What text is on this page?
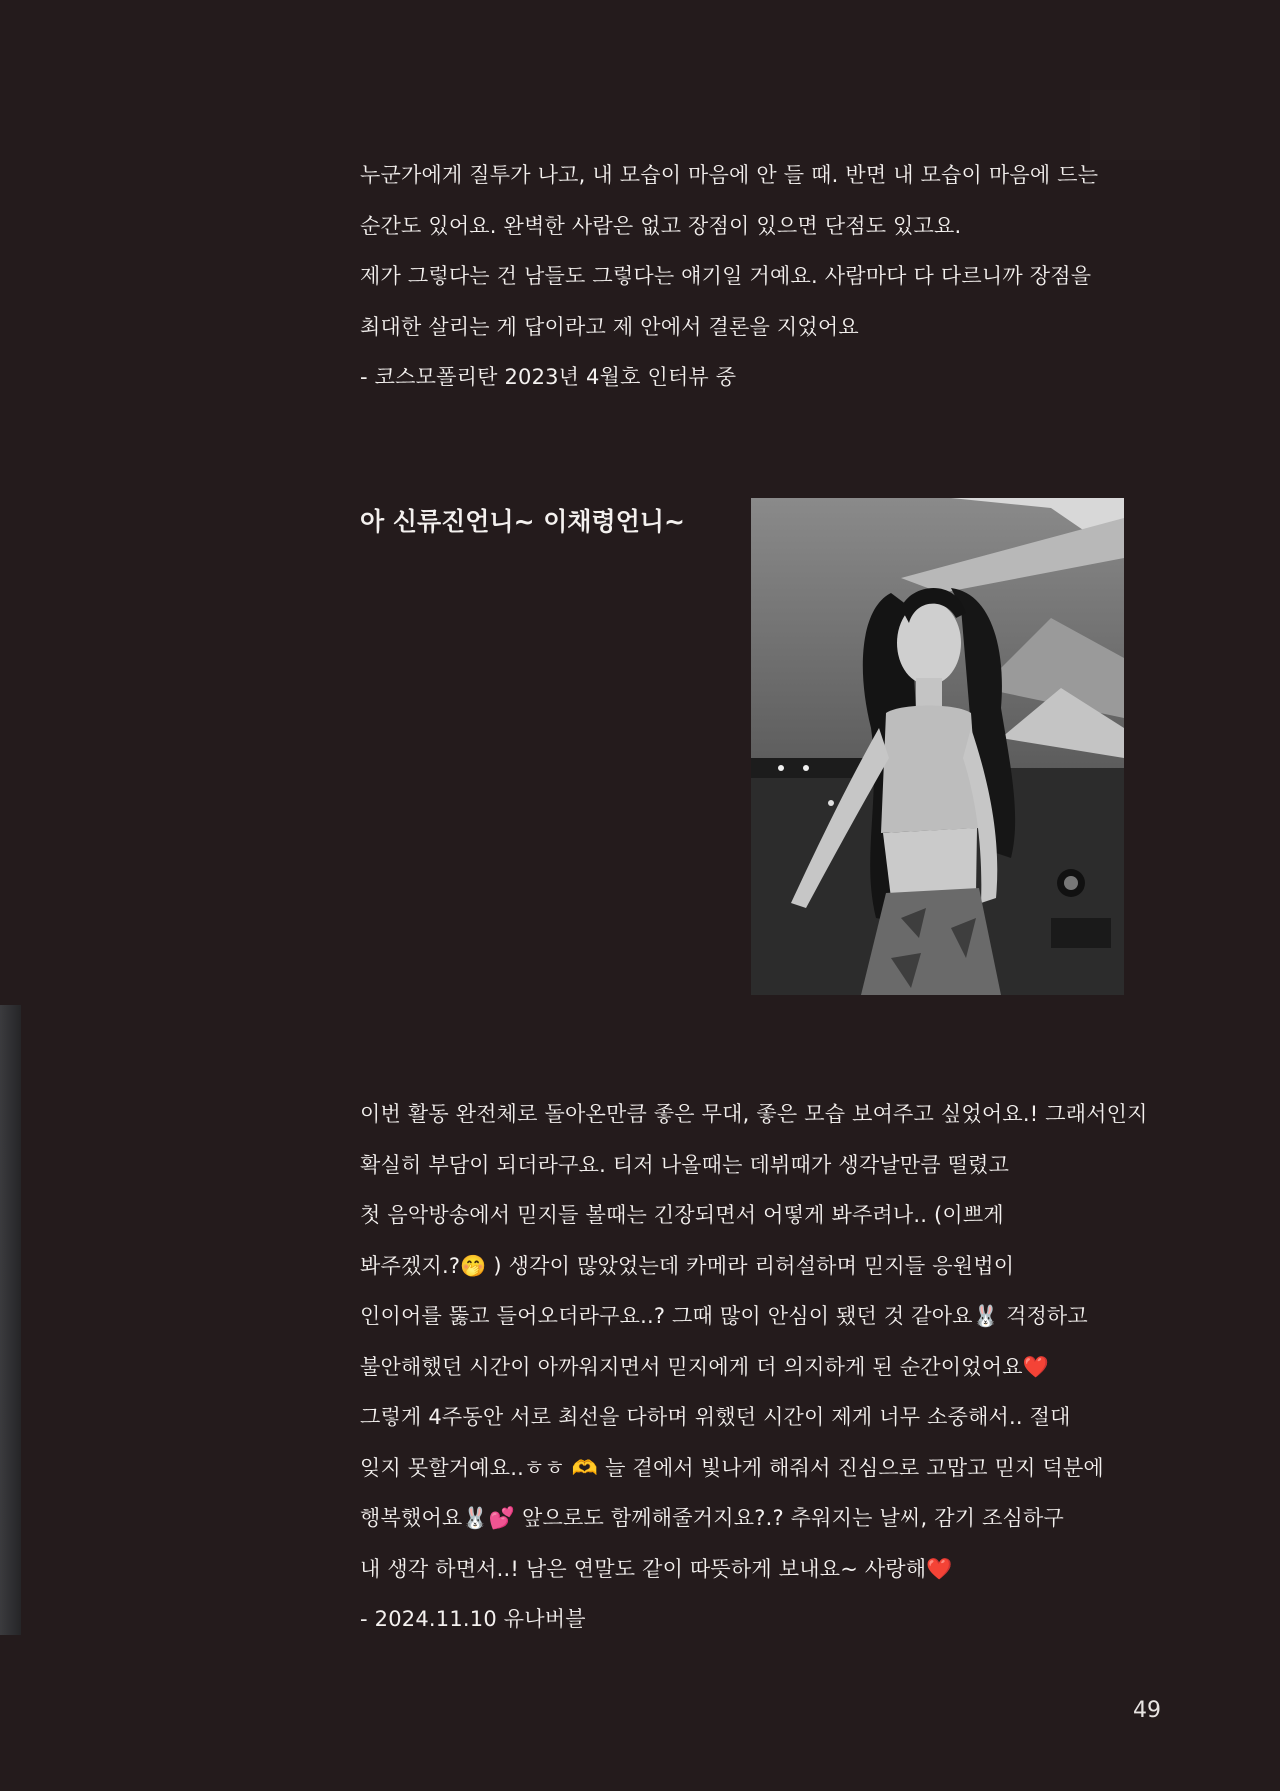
누군가에게 질투가 나고, 내 모습이 마음에 안 들 때. 반면 내 모습이 마음에 드는
순간도 있어요. 완벽한 사람은 없고 장점이 있으면 단점도 있고요.
제가 그렇다는 건 남들도 그렇다는 얘기일 거예요. 사람마다 다 다르니까 장점을
최대한 살리는 게 답이라고 제 안에서 결론을 지었어요
- 코스모폴리탄 2023년 4월호 인터뷰 중
아 신류진언니~ 이채령언니~
이번 활동 완전체로 돌아온만큼 좋은 무대, 좋은 모습 보여주고 싶었어요.! 그래서인지
확실히 부담이 되더라구요. 티저 나올때는 데뷔때가 생각날만큼 떨렸고
첫 음악방송에서 믿지들 볼때는 긴장되면서 어떻게 봐주려나.. (이쁘게
봐주겠지.?🤭 ) 생각이 많았었는데 카메라 리허설하며 믿지들 응원법이
인이어를 뚫고 들어오더라구요..? 그때 많이 안심이 됐던 것 같아요🐰 걱정하고
불안해했던 시간이 아까워지면서 믿지에게 더 의지하게 된 순간이었어요❤️
그렇게 4주동안 서로 최선을 다하며 위했던 시간이 제게 너무 소중해서.. 절대
잊지 못할거예요..ㅎㅎ 🫶 늘 곁에서 빛나게 해줘서 진심으로 고맙고 믿지 덕분에
행복했어요🐰💕 앞으로도 함께해줄거지요?.? 추워지는 날씨, 감기 조심하구
내 생각 하면서..! 남은 연말도 같이 따뜻하게 보내요~ 사랑해❤️
- 2024.11.10 유나버블
49
